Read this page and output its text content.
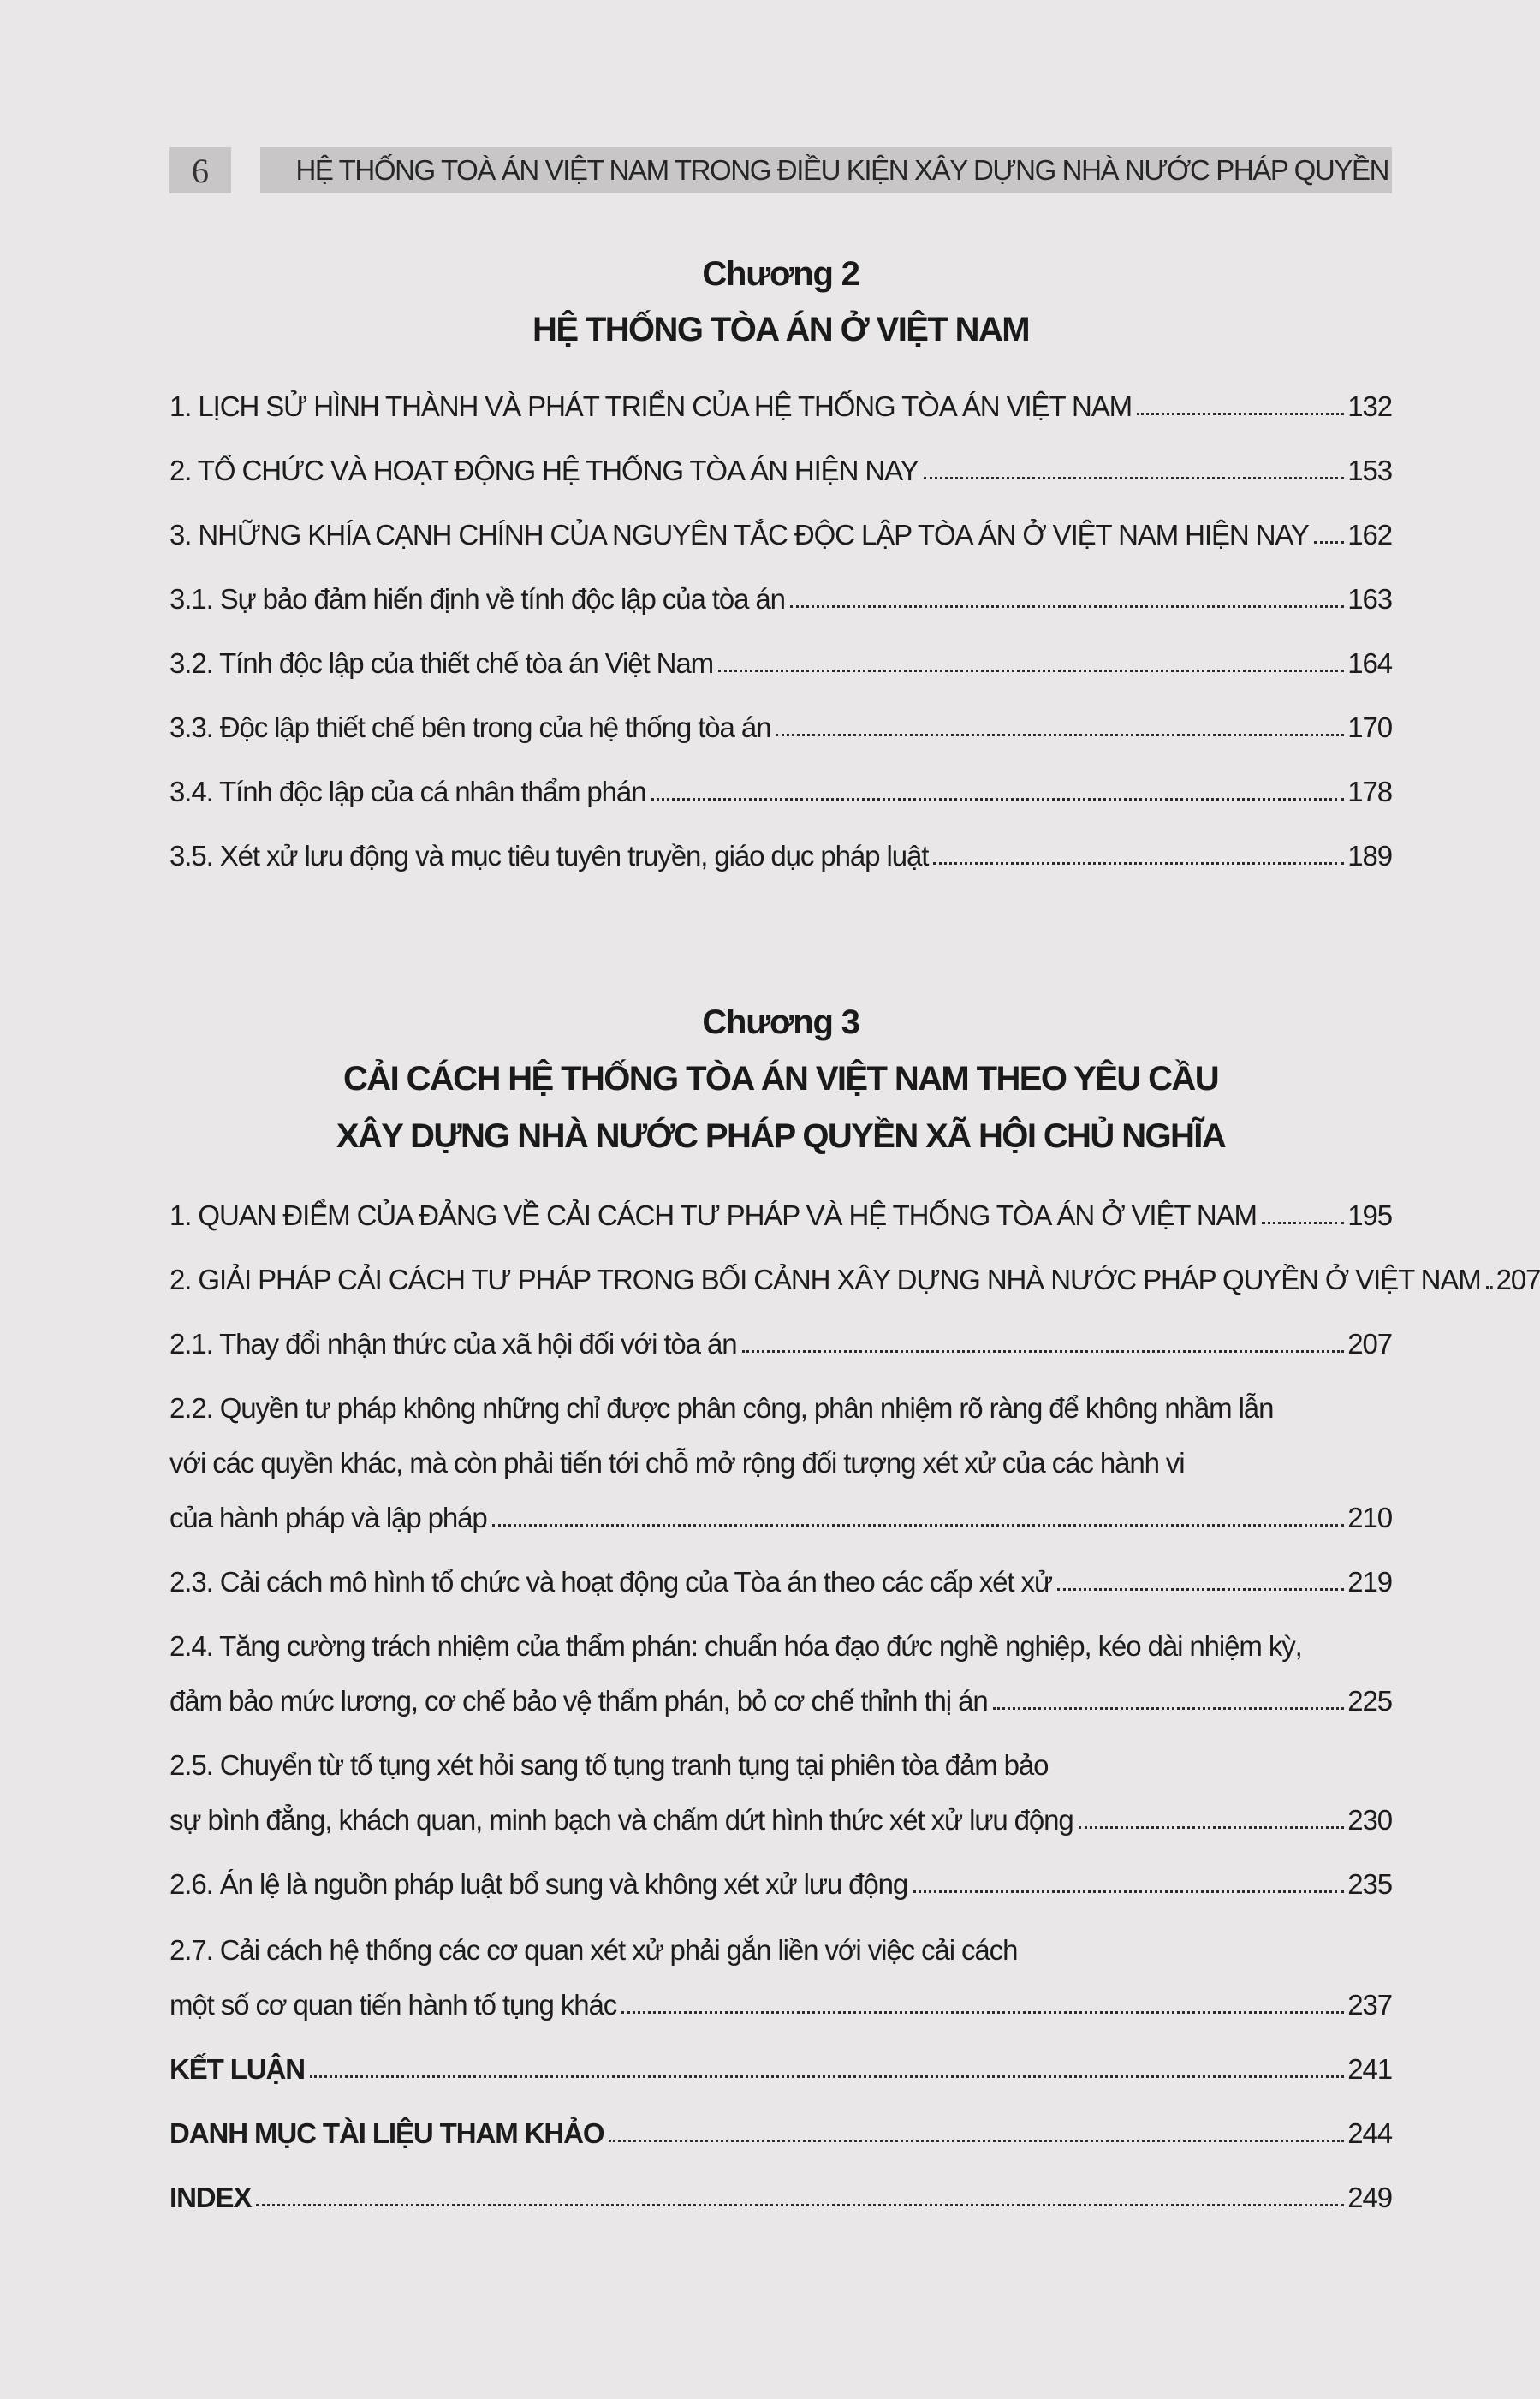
6	HỆ THỐNG TOÀ ÁN VIỆT NAM TRONG ĐIỀU KIỆN XÂY DỰNG NHÀ NƯỚC PHÁP QUYỀN
Chương 2
HỆ THỐNG TÒA ÁN Ở VIỆT NAM
1. LỊCH SỬ HÌNH THÀNH VÀ PHÁT TRIỂN CỦA HỆ THỐNG TÒA ÁN VIỆT NAM	132
2. TỔ CHỨC VÀ HOẠT ĐỘNG HỆ THỐNG TÒA ÁN HIỆN NAY	153
3. NHỮNG KHÍA CẠNH CHÍNH CỦA NGUYÊN TẮC ĐỘC LẬP TÒA ÁN Ở VIỆT NAM HIỆN NAY 162
3.1. Sự bảo đảm hiến định về tính độc lập của tòa án	163
3.2. Tính độc lập của thiết chế tòa án Việt Nam	164
3.3. Độc lập thiết chế bên trong của hệ thống tòa án	170
3.4. Tính độc lập của cá nhân thẩm phán	178
3.5. Xét xử lưu động và mục tiêu tuyên truyền, giáo dục pháp luật	189
Chương 3
CẢI CÁCH HỆ THỐNG TÒA ÁN VIỆT NAM THEO YÊU CẦU
XÂY DỰNG NHÀ NƯỚC PHÁP QUYỀN XÃ HỘI CHỦ NGHĨA
1. QUAN ĐIỂM CỦA ĐẢNG VỀ CẢI CÁCH TƯ PHÁP VÀ HỆ THỐNG TÒA ÁN Ở VIỆT NAM	195
2. GIẢI PHÁP CẢI CÁCH TƯ PHÁP TRONG BỐI CẢNH XÂY DỰNG NHÀ NƯỚC PHÁP QUYỀN Ở VIỆT NAM 207
2.1. Thay đổi nhận thức của xã hội đối với tòa án	207
2.2. Quyền tư pháp không những chỉ được phân công, phân nhiệm rõ ràng để không nhầm lẫn
với các quyền khác, mà còn phải tiến tới chỗ mở rộng đối tượng xét xử của các hành vi
của hành pháp và lập pháp	210
2.3. Cải cách mô hình tổ chức và hoạt động của Tòa án theo các cấp xét xử	219
2.4. Tăng cường trách nhiệm của thẩm phán: chuẩn hóa đạo đức nghề nghiệp, kéo dài nhiệm kỳ,
đảm bảo mức lương, cơ chế bảo vệ thẩm phán, bỏ cơ chế thỉnh thị án	225
2.5. Chuyển từ tố tụng xét hỏi sang tố tụng tranh tụng tại phiên tòa đảm bảo
sự bình đẳng, khách quan, minh bạch và chấm dứt hình thức xét xử lưu động	230
2.6. Án lệ là nguồn pháp luật bổ sung và không xét xử lưu động	235
2.7. Cải cách hệ thống các cơ quan xét xử phải gắn liền với việc cải cách
một số cơ quan tiến hành tố tụng khác	237
KẾT LUẬN	241
DANH MỤC TÀI LIỆU THAM KHẢO	244
INDEX	249
